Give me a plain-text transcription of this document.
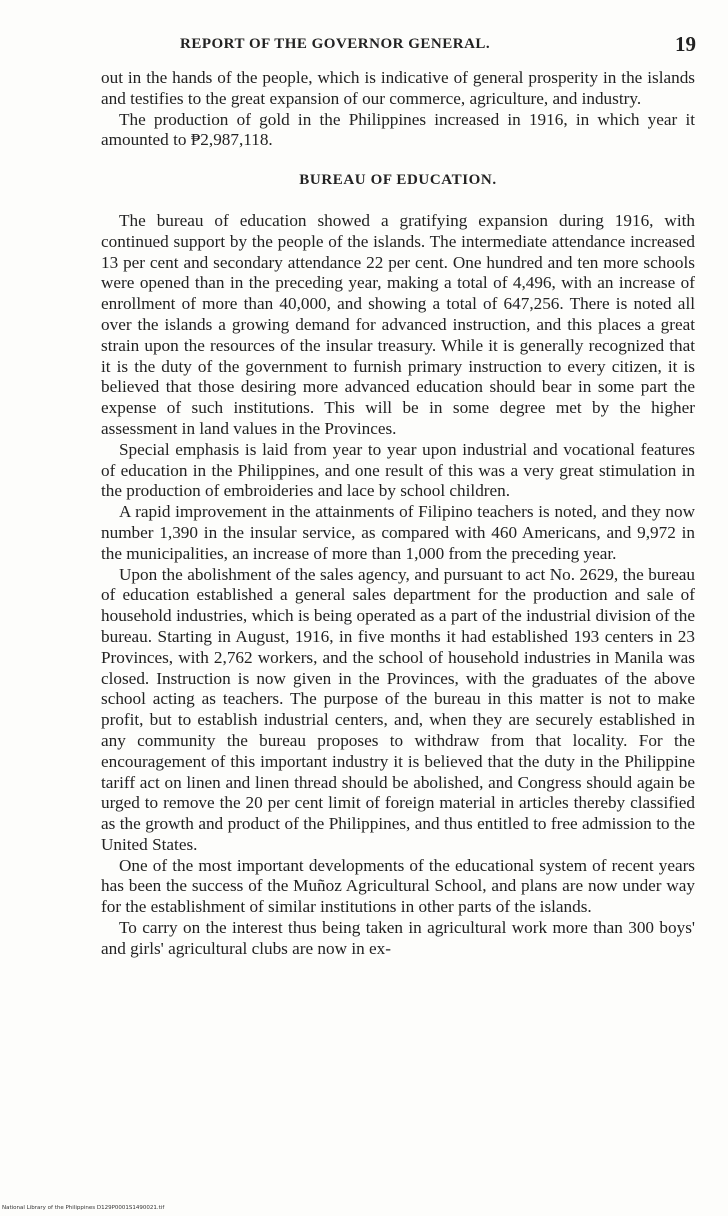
REPORT OF THE GOVERNOR GENERAL.	19

out in the hands of the people, which is indicative of general prosperity in the islands and testifies to the great expansion of our commerce, agriculture, and industry.

The production of gold in the Philippines increased in 1916, in which year it amounted to ₱2,987,118.

BUREAU OF EDUCATION.

The bureau of education showed a gratifying expansion during 1916, with continued support by the people of the islands. The intermediate attendance increased 13 per cent and secondary attendance 22 per cent. One hundred and ten more schools were opened than in the preceding year, making a total of 4,496, with an increase of enrollment of more than 40,000, and showing a total of 647,256. There is noted all over the islands a growing demand for advanced instruction, and this places a great strain upon the resources of the insular treasury. While it is generally recognized that it is the duty of the government to furnish primary instruction to every citizen, it is believed that those desiring more advanced education should bear in some part the expense of such institutions. This will be in some degree met by the higher assessment in land values in the Provinces.

Special emphasis is laid from year to year upon industrial and vocational features of education in the Philippines, and one result of this was a very great stimulation in the production of embroideries and lace by school children.

A rapid improvement in the attainments of Filipino teachers is noted, and they now number 1,390 in the insular service, as compared with 460 Americans, and 9,972 in the municipalities, an increase of more than 1,000 from the preceding year.

Upon the abolishment of the sales agency, and pursuant to act No. 2629, the bureau of education established a general sales department for the production and sale of household industries, which is being operated as a part of the industrial division of the bureau. Starting in August, 1916, in five months it had established 193 centers in 23 Provinces, with 2,762 workers, and the school of household industries in Manila was closed. Instruction is now given in the Provinces, with the graduates of the above school acting as teachers. The purpose of the bureau in this matter is not to make profit, but to establish industrial centers, and, when they are securely established in any community the bureau proposes to withdraw from that locality. For the encouragement of this important industry it is believed that the duty in the Philippine tariff act on linen and linen thread should be abolished, and Congress should again be urged to remove the 20 per cent limit of foreign material in articles thereby classified as the growth and product of the Philippines, and thus entitled to free admission to the United States.

One of the most important developments of the educational system of recent years has been the success of the Muñoz Agricultural School, and plans are now under way for the establishment of similar institutions in other parts of the islands.

To carry on the interest thus being taken in agricultural work more than 300 boys' and girls' agricultural clubs are now in ex-

National Library of the Philippines D129P0001S1490021.tif
